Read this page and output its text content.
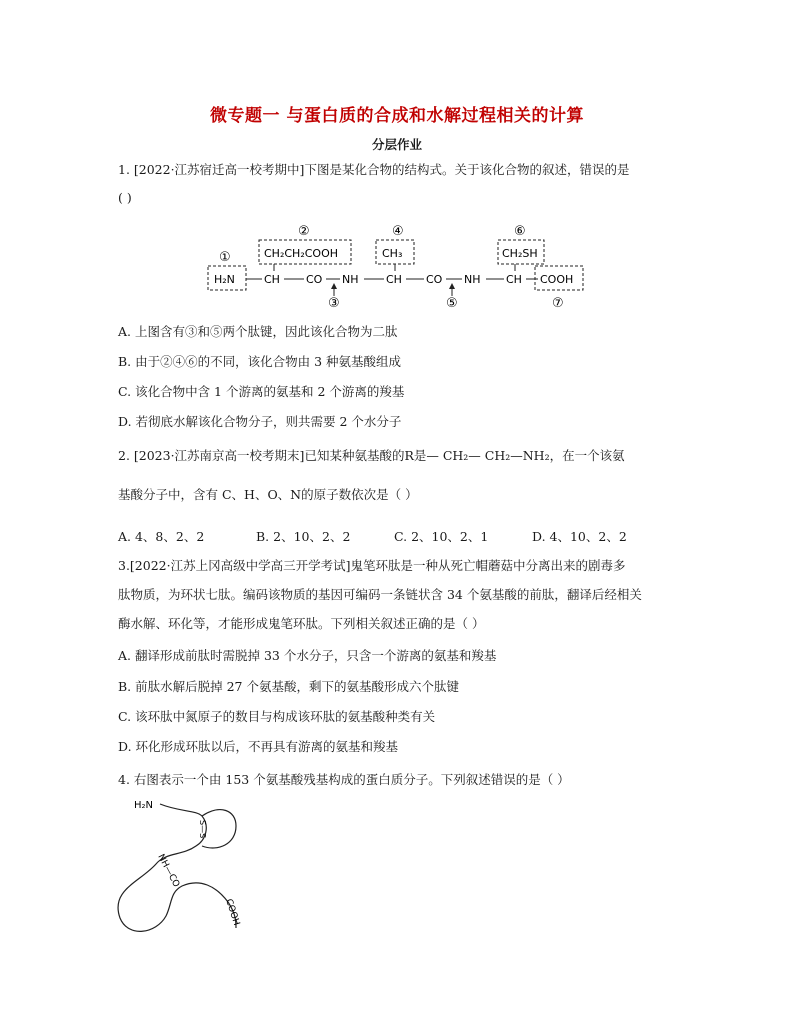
微专题一 与蛋白质的合成和水解过程相关的计算
分层作业
1. [2022·江苏宿迁高一校考期中]下图是某化合物的结构式。关于该化合物的叙述，错误的是
( )
①
②
③
④
⑤
⑥
⑦
CH₂CH₂COOH	CH₃	CH₂SH
H₂N	CH CO NH	CH CO NH CH COOH
A. 上图含有③和⑤两个肽键，因此该化合物为二肽
B. 由于②④⑥的不同，该化合物由 3 种氨基酸组成
C. 该化合物中含 1 个游离的氨基和 2 个游离的羧基
D. 若彻底水解该化合物分子，则共需要 2 个水分子
2. [2023·江苏南京高一校考期末]已知某种氨基酸的R是— CH₂— CH₂—NH₂，在一个该氨
基酸分子中，含有 C、H、O、N的原子数依次是（ ）
A. 4、8、2、2	B. 2、10、2、2	C. 2、10、2、1	D. 4、10、2、2
3.[2022·江苏上冈高级中学高三开学考试]鬼笔环肽是一种从死亡帽蘑菇中分离出来的剧毒多
肽物质，为环状七肽。编码该物质的基因可编码一条链状含 34 个氨基酸的前肽，翻译后经相关
酶水解、环化等，才能形成鬼笔环肽。下列相关叙述正确的是（ ）
A. 翻译形成前肽时需脱掉 33 个水分子，只含一个游离的氨基和羧基
B. 前肽水解后脱掉 27 个氨基酸，剩下的氨基酸形成六个肽键
C. 该环肽中氮原子的数目与构成该环肽的氨基酸种类有关
D. 环化形成环肽以后，不再具有游离的氨基和羧基
4. 右图表示一个由 153 个氨基酸残基构成的蛋白质分子。下列叙述错误的是（ ）
H₂N
S—S
NH—CO
COOH
